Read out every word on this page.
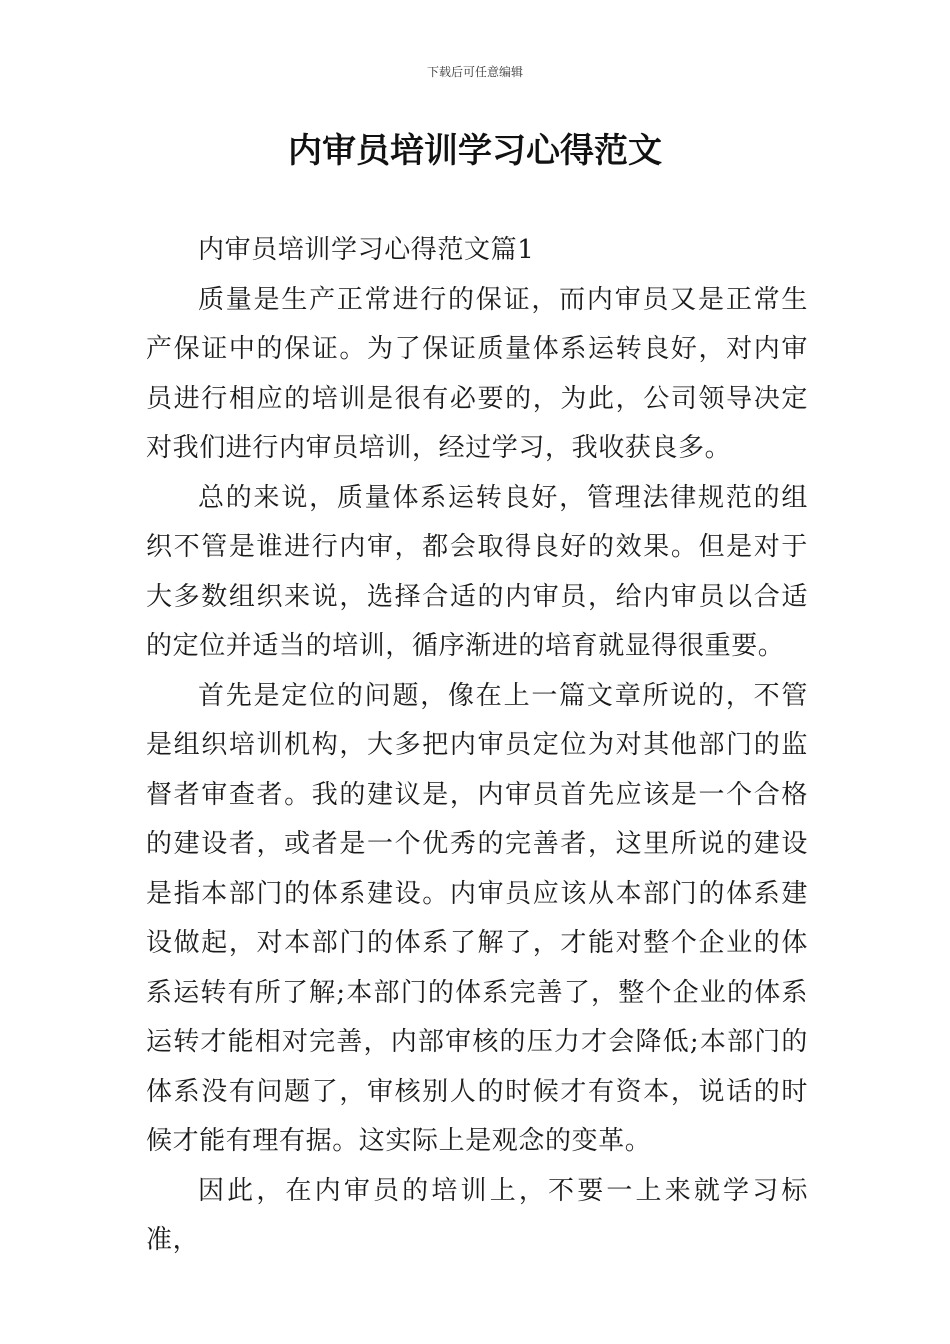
下载后可任意编辑
内审员培训学习心得范文

内审员培训学习心得范文篇1

质量是生产正常进行的保证，而内审员又是正常生产保证中的保证。为了保证质量体系运转良好，对内审员进行相应的培训是很有必要的，为此，公司领导决定对我们进行内审员培训，经过学习，我收获良多。

总的来说，质量体系运转良好，管理法律规范的组织不管是谁进行内审，都会取得良好的效果。但是对于大多数组织来说，选择合适的内审员，给内审员以合适的定位并适当的培训，循序渐进的培育就显得很重要。

首先是定位的问题，像在上一篇文章所说的，不管是组织培训机构，大多把内审员定位为对其他部门的监督者审查者。我的建议是，内审员首先应该是一个合格的建设者，或者是一个优秀的完善者，这里所说的建设是指本部门的体系建设。内审员应该从本部门的体系建设做起，对本部门的体系了解了，才能对整个企业的体系运转有所了解;本部门的体系完善了，整个企业的体系运转才能相对完善，内部审核的压力才会降低;本部门的体系没有问题了，审核别人的时候才有资本，说话的时候才能有理有据。这实际上是观念的变革。

因此，在内审员的培训上，不要一上来就学习标准，
